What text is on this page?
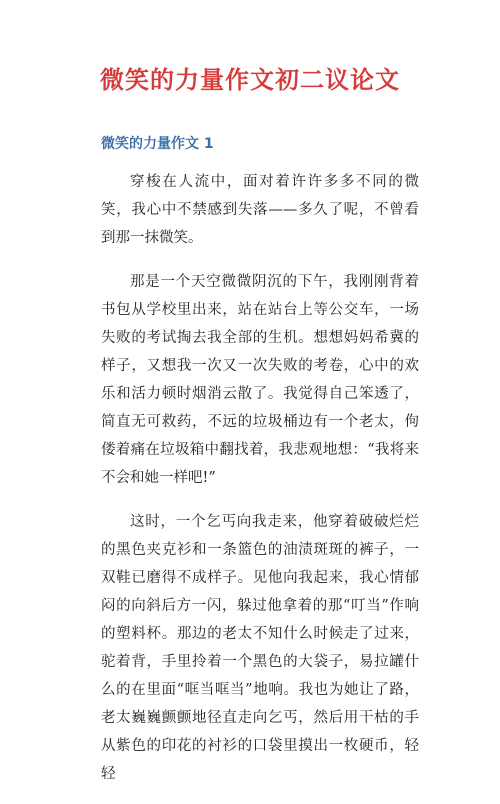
微笑的力量作文初二议论文
微笑的力量作文 1

穿梭在人流中，面对着许许多多不同的微笑，我心中不禁感到失落——多久了呢，不曾看到那一抹微笑。

那是一个天空微微阴沉的下午，我刚刚背着书包从学校里出来，站在站台上等公交车，一场失败的考试掏去我全部的生机。想想妈妈希冀的样子，又想我一次又一次失败的考卷，心中的欢乐和活力顿时烟消云散了。我觉得自己笨透了，简直无可救药，不远的垃圾桶边有一个老太，佝偻着痛在垃圾箱中翻找着，我悲观地想：“我将来不会和她一样吧!”

这时，一个乞丐向我走来，他穿着破破烂烂的黑色夹克衫和一条篮色的油渍斑斑的裤子，一双鞋已磨得不成样子。见他向我起来，我心情郁闷的向斜后方一闪，躲过他拿着的那“叮当”作响的塑料杯。那边的老太不知什么时候走了过来，驼着背，手里拎着一个黑色的大袋子，易拉罐什么的在里面“哐当哐当”地响。我也为她让了路，老太巍巍颤颤地径直走向乞丐，然后用干枯的手从紫色的印花的衬衫的口袋里摸出一枚硬币，轻轻
